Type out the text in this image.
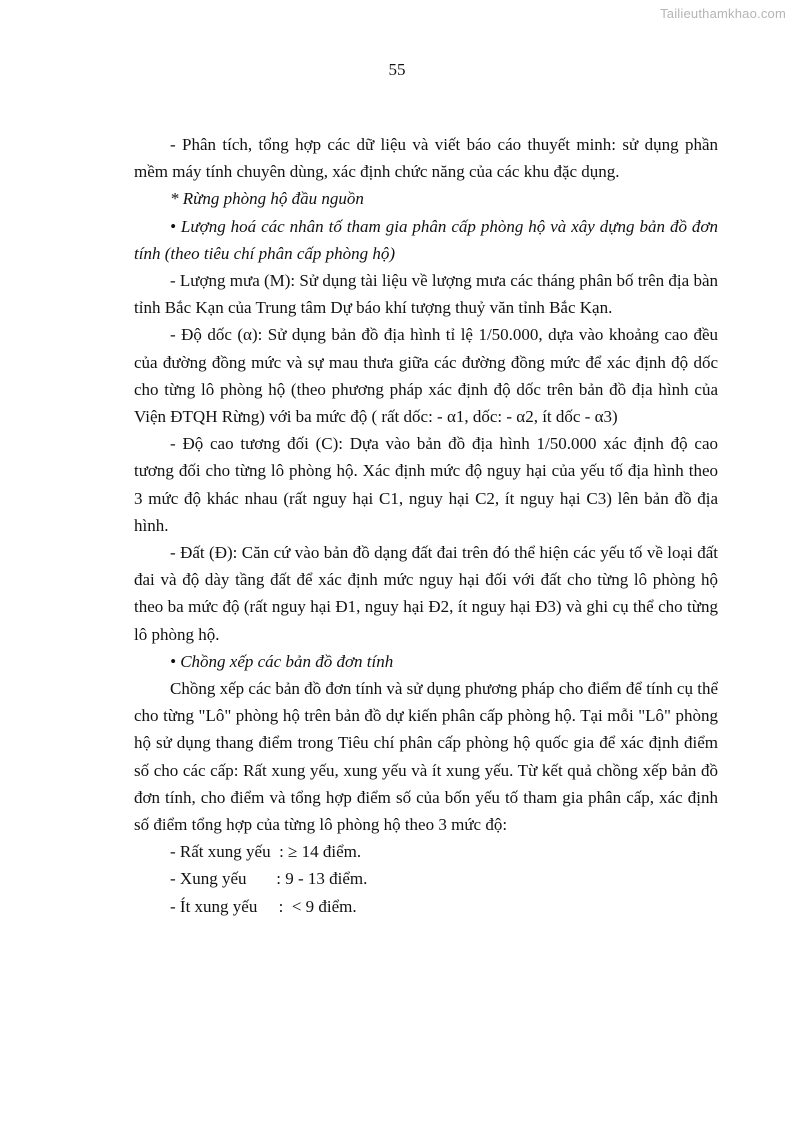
Tailieuthamkhao.com
55

- Phân tích, tổng hợp các dữ liệu và viết báo cáo thuyết minh: sử dụng phần mềm máy tính chuyên dùng, xác định chức năng của các khu đặc dụng.

* Rừng phòng hộ đầu nguồn

• Lượng hoá các nhân tố tham gia phân cấp phòng hộ và xây dựng bản đồ đơn tính (theo tiêu chí phân cấp phòng hộ)

- Lượng mưa (M): Sử dụng tài liệu về lượng mưa các tháng phân bố trên địa bàn tỉnh Bắc Kạn của Trung tâm Dự báo khí tượng thuỷ văn tỉnh Bắc Kạn.

- Độ dốc (α): Sử dụng bản đồ địa hình tỉ lệ 1/50.000, dựa vào khoảng cao đều của đường đồng mức và sự mau thưa giữa các đường đồng mức để xác định độ dốc cho từng lô phòng hộ (theo phương pháp xác định độ dốc trên bản đồ địa hình của Viện ĐTQH Rừng) với ba mức độ ( rất dốc: - α1, dốc: - α2, ít dốc - α3)

- Độ cao tương đối (C): Dựa vào bản đồ địa hình 1/50.000 xác định độ cao tương đối cho từng lô phòng hộ. Xác định mức độ nguy hại của yếu tố địa hình theo 3 mức độ khác nhau (rất nguy hại C1, nguy hại C2, ít nguy hại C3) lên bản đồ địa hình.

- Đất (Đ): Căn cứ vào bản đồ dạng đất đai trên đó thể hiện các yếu tố về loại đất đai và độ dày tầng đất để xác định mức nguy hại đối với đất cho từng lô phòng hộ theo ba mức độ (rất nguy hại Đ1, nguy hại Đ2, ít nguy hại Đ3) và ghi cụ thể cho từng lô phòng hộ.

• Chồng xếp các bản đồ đơn tính

Chồng xếp các bản đồ đơn tính và sử dụng phương pháp cho điểm để tính cụ thể cho từng "Lô" phòng hộ trên bản đồ dự kiến phân cấp phòng hộ. Tại mỗi "Lô" phòng hộ sử dụng thang điểm trong Tiêu chí phân cấp phòng hộ quốc gia để xác định điểm số cho các cấp: Rất xung yếu, xung yếu và ít xung yếu. Từ kết quả chồng xếp bản đồ đơn tính, cho điểm và tổng hợp điểm số của bốn yếu tố tham gia phân cấp, xác định số điểm tổng hợp của từng lô phòng hộ theo 3 mức độ:

- Rất xung yếu  : ≥ 14 điểm.

- Xung yếu       : 9 - 13 điểm.

- Ít xung yếu     :  < 9 điểm.
